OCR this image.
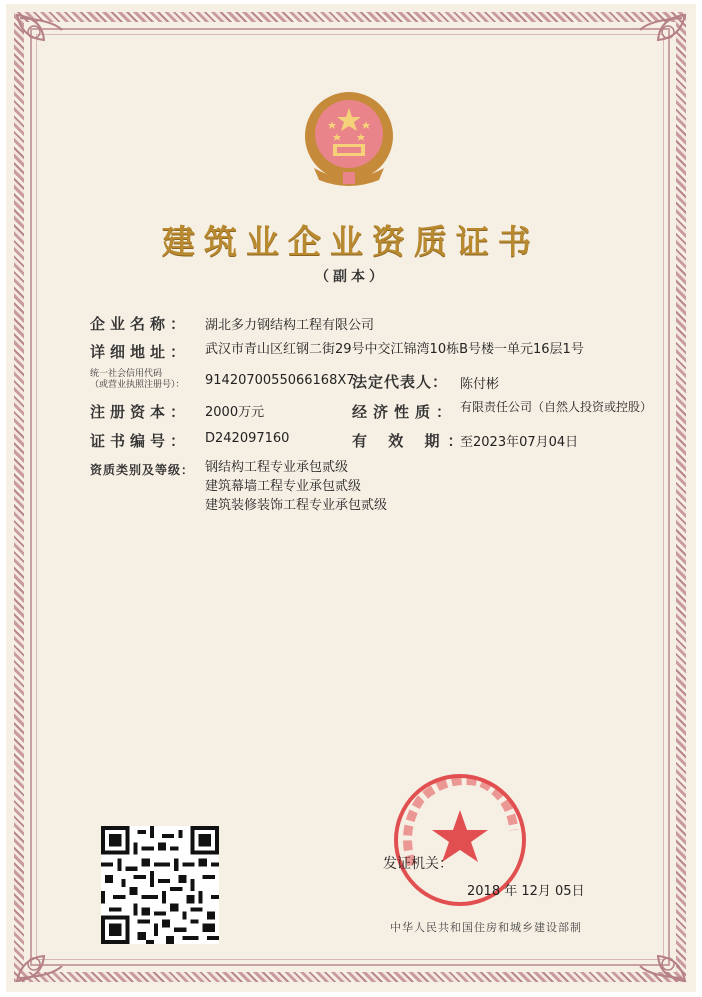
建筑业企业资质证书
（副本）
企业名称： 湖北多力钢结构工程有限公司
详细地址： 武汉市青山区红钢二街29号中交江锦湾10栋B号楼一单元16层1号
统一社会信用代码
（或营业执照注册号）： 9142070055066168X7
法定代表人： 陈付彬
注册资本： 2000万元	经济性质： 有限责任公司（自然人投资或控股）
证书编号： D242097160	有 效 期：
至2023年07月04日
资质类别及等级： 钢结构工程专业承包贰级
建筑幕墙工程专业承包贰级
建筑装修装饰工程专业承包贰级
发证机关：
2018 年 12月 05日
中华人民共和国住房和城乡建设部制
